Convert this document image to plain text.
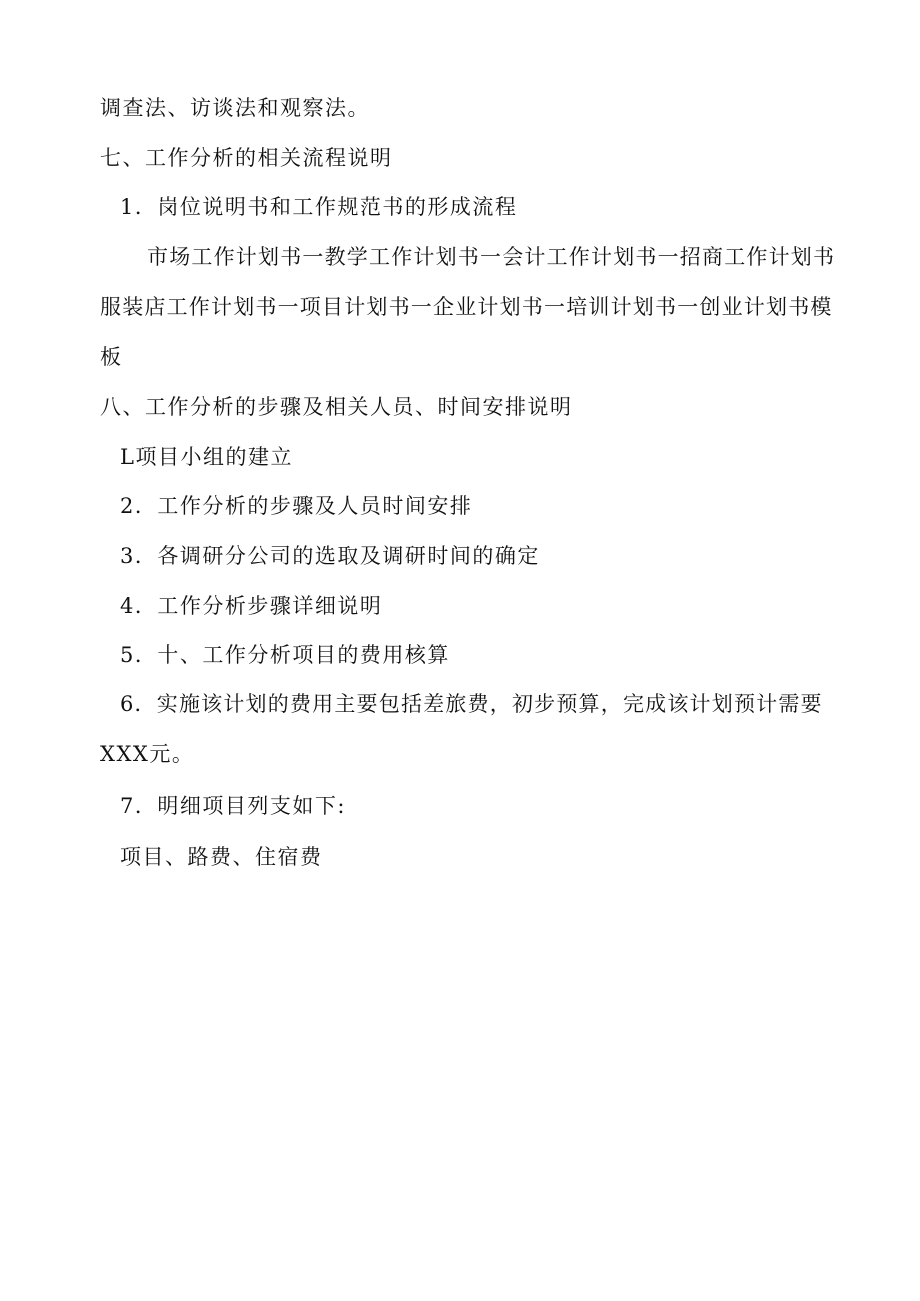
调查法、访谈法和观察法。
七、工作分析的相关流程说明
1．岗位说明书和工作规范书的形成流程
市场工作计划书一教学工作计划书一会计工作计划书一招商工作计划书
服装店工作计划书一项目计划书一企业计划书一培训计划书一创业计划书模
板
八、工作分析的步骤及相关人员、时间安排说明
L项目小组的建立
2．工作分析的步骤及人员时间安排
3．各调研分公司的选取及调研时间的确定
4．工作分析步骤详细说明
5．十、工作分析项目的费用核算
6．实施该计划的费用主要包括差旅费，初步预算，完成该计划预计需要
XXX元。
7．明细项目列支如下:
项目、路费、住宿费
